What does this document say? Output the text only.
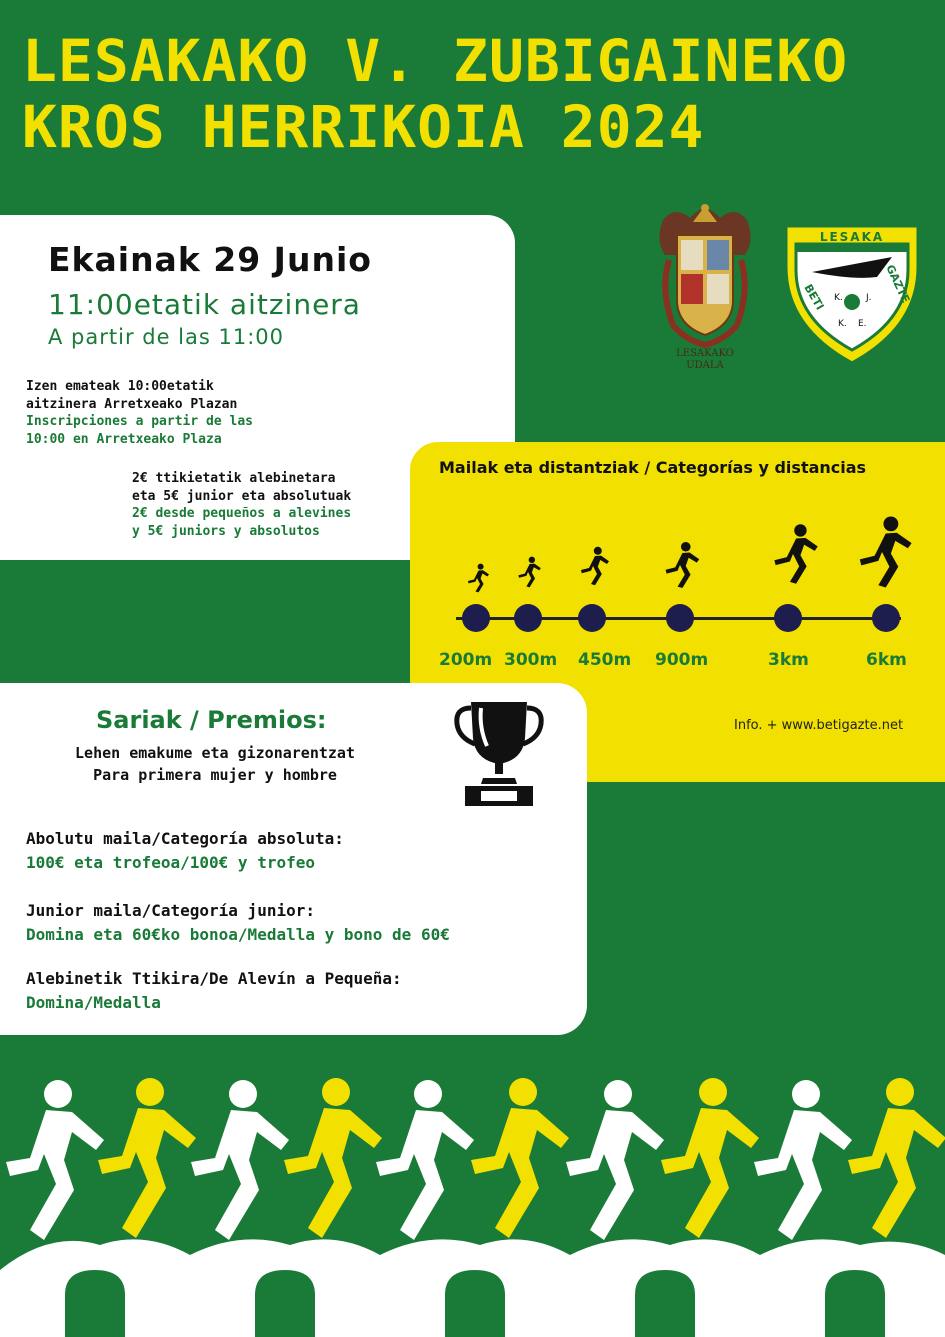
LESAKAKO V. ZUBIGAINEKO
KROS HERRIKOIA 2024
Ekainak 29 Junio
11:00etatik aitzinera
A partir de las 11:00
Izen emateak 10:00etatik
aitzinera Arretxeako Plazan
Inscripciones a partir de las
10:00 en Arretxeako Plaza
2€ ttikietatik alebinetara
eta 5€ junior eta absolutuak
2€ desde pequeños a alevines
y 5€ juniors y absolutos
LESAKAKO
UDALA
LESAKA
BETI	GAZTE
K.	J.
K. E.
Mailak eta distantziak / Categorías y distancias
200m 300m 450m 900m	3km	6km
Info. + www.betigazte.net
Sariak / Premios:
Lehen emakume eta gizonarentzat
Para primera mujer y hombre
Abolutu maila/Categoría absoluta:
100€ eta trofeoa/100€ y trofeo
Junior maila/Categoría junior:
Domina eta 60€ko bonoa/Medalla y bono de 60€
Alebinetik Ttikira/De Alevín a Pequeña:
Domina/Medalla
